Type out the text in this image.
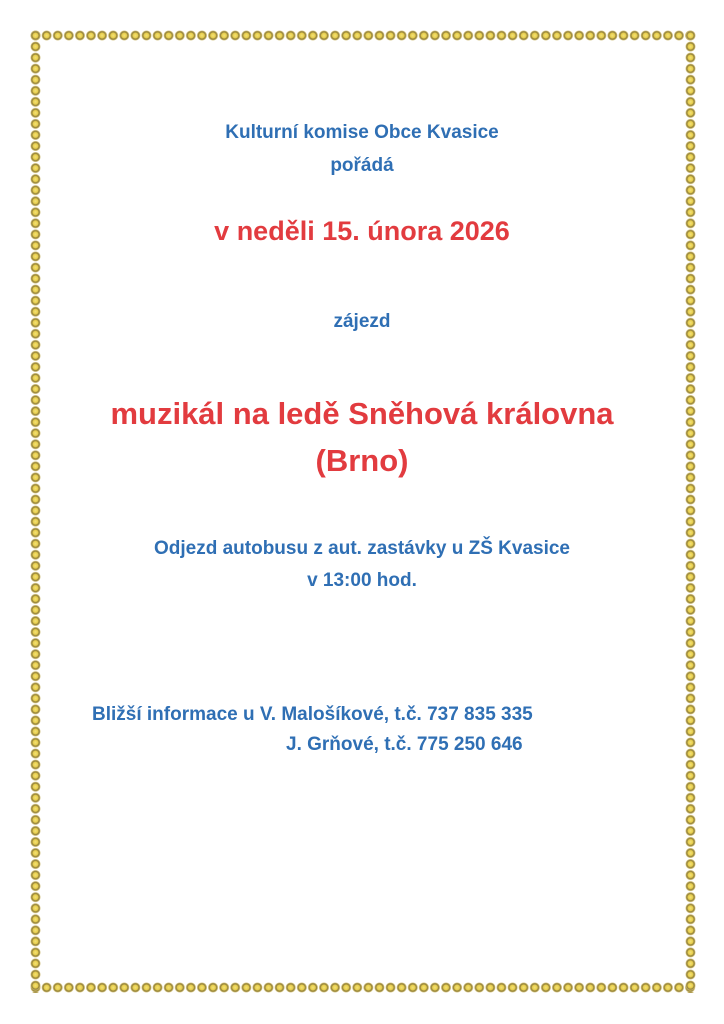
Kulturní komise Obce Kvasice
pořádá
v neděli 15. února 2026
zájezd
muzikál na ledě Sněhová královna
(Brno)
Odjezd autobusu z aut. zastávky u ZŠ Kvasice
v 13:00 hod.
Bližší informace u V. Malošíkové, t.č. 737 835 335
J. Grňové, t.č. 775 250 646
